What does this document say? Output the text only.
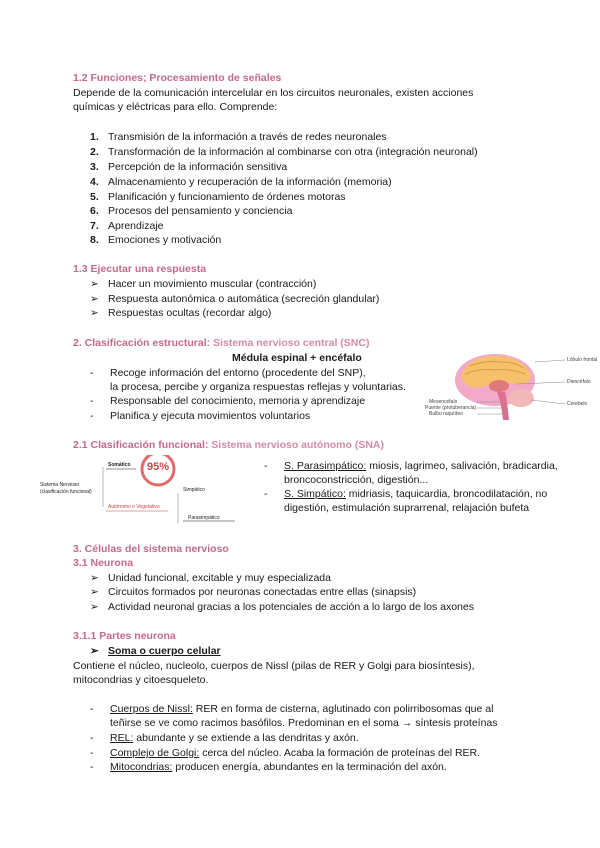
1.2 Funciones; Procesamiento de señales
Depende de la comunicación intercelular en los circuitos neuronales, existen acciones
químicas y eléctricas para ello. Comprende:
1. Transmisión de la información a través de redes neuronales
2. Transformación de la información al combinarse con otra (integración neuronal)
3. Percepción de la información sensitiva
4. Almacenamiento y recuperación de la información (memoria)
5. Planificación y funcionamiento de órdenes motoras
6. Procesos del pensamiento y conciencia
7. Aprendizaje
8. Emociones y motivación
1.3 Ejecutar una respuesta
➢ Hacer un movimiento muscular (contracción)
➢ Respuesta autonómica o automática (secreción glandular)
➢ Respuestas ocultas (recordar algo)
2. Clasificación estructural: Sistema nervioso central (SNC)
Médula espinal + encéfalo
- Recoge información del entorno (procedente del SNP),
la procesa, percibe y organiza respuestas reflejas y voluntarias.
- Responsable del conocimiento, memoria y aprendizaje
- Planifica y ejecuta movimientos voluntarios
Lóbulo frontal
Diencéfalo
Cerebelo
Mesencéfalo
Puente (protuberancia)
Bulbo raquídeo
2.1 Clasificación funcional: Sistema nervioso autónomo (SNA)
Sistema Nervioso
(clasificación funcional)
Somático 95%
Autónomo o Vegetativo
Simpático
Parasimpático
- S. Parasimpático: miosis, lagrimeo, salivación, bradicardia,
broncoconstricción, digestión...
- S. Simpático: midriasis, taquicardia, broncodilatación, no
digestión, estimulación suprarrenal, relajación bufeta
3. Células del sistema nervioso
3.1 Neurona
➢ Unidad funcional, excitable y muy especializada
➢ Circuitos formados por neuronas conectadas entre ellas (sinapsis)
➢ Actividad neuronal gracias a los potenciales de acción a lo largo de los axones
3.1.1 Partes neurona
➢ Soma o cuerpo celular
Contiene el núcleo, nucleolo, cuerpos de Nissl (pilas de RER y Golgi para biosíntesis),
mitocondrias y citoesqueleto.
- Cuerpos de Nissl: RER en forma de cisterna, aglutinado con polirribosomas que al
teñirse se ve como racimos basófilos. Predominan en el soma → síntesis proteínas
- REL: abundante y se extiende a las dendritas y axón.
- Complejo de Golgi: cerca del núcleo. Acaba la formación de proteínas del RER.
- Mitocondrias: producen energía, abundantes en la terminación del axón.
